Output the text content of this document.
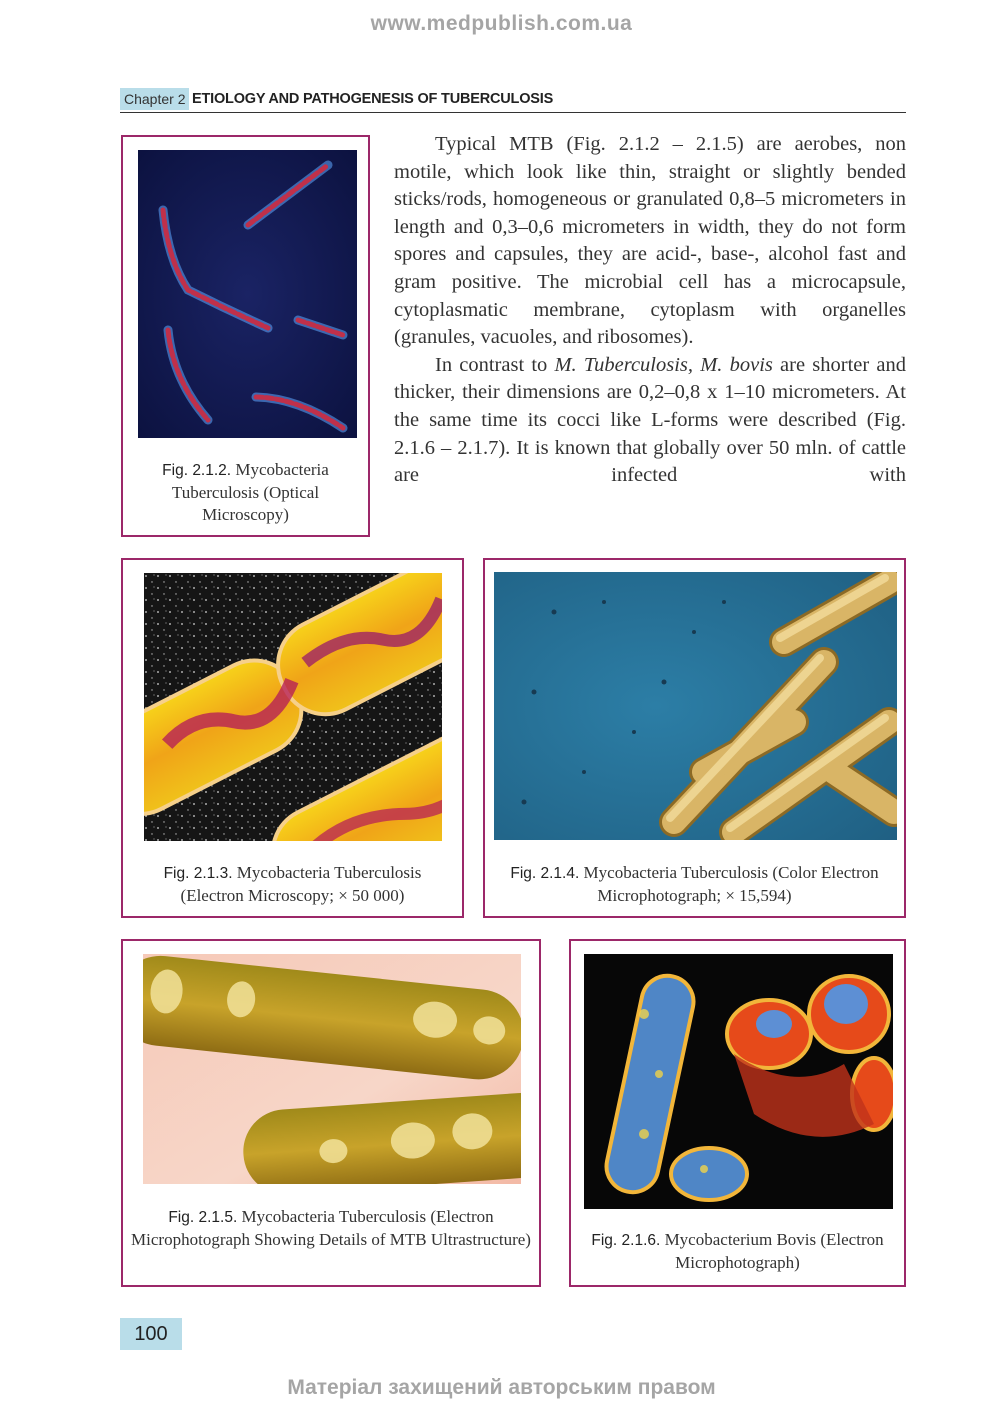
www.medpublish.com.ua
Chapter 2 ETIOLOGY AND PATHOGENESIS OF TUBERCULOSIS
Fig. 2.1.2. Mycobacteria Tuberculosis (Optical Microscopy)

Typical MTB (Fig. 2.1.2 – 2.1.5) are aerobes, non motile, which look like thin, straight or slightly bended sticks/rods, homogeneous or granulated 0,8–5 micrometers in length and 0,3–0,6 micrometers in width, they do not form spores and capsules, they are acid-, base-, alcohol fast and gram positive. The microbial cell has a microcapsule, cytoplasmatic membrane, cytoplasm with organelles (granules, vacuoles, and ribosomes).

In contrast to M. Tuberculosis, M. bovis are shorter and thicker, their dimensions are 0,2–0,8 x 1–10 micrometers. At the same time its cocci like L-forms were described (Fig. 2.1.6 – 2.1.7). It is known that globally over 50 mln. of cattle are infected with

Fig. 2.1.3. Mycobacteria Tuberculosis (Electron Microscopy; × 50 000)
Fig. 2.1.4. Mycobacteria Tuberculosis (Color Electron Microphotograph; × 15,594)
Fig. 2.1.5. Mycobacteria Tuberculosis (Electron Microphotograph Showing Details of MTB Ultrastructure)	Fig. 2.1.6. Mycobacterium Bovis (Electron Microphotograph)
100
Матеріал захищений авторським правом
